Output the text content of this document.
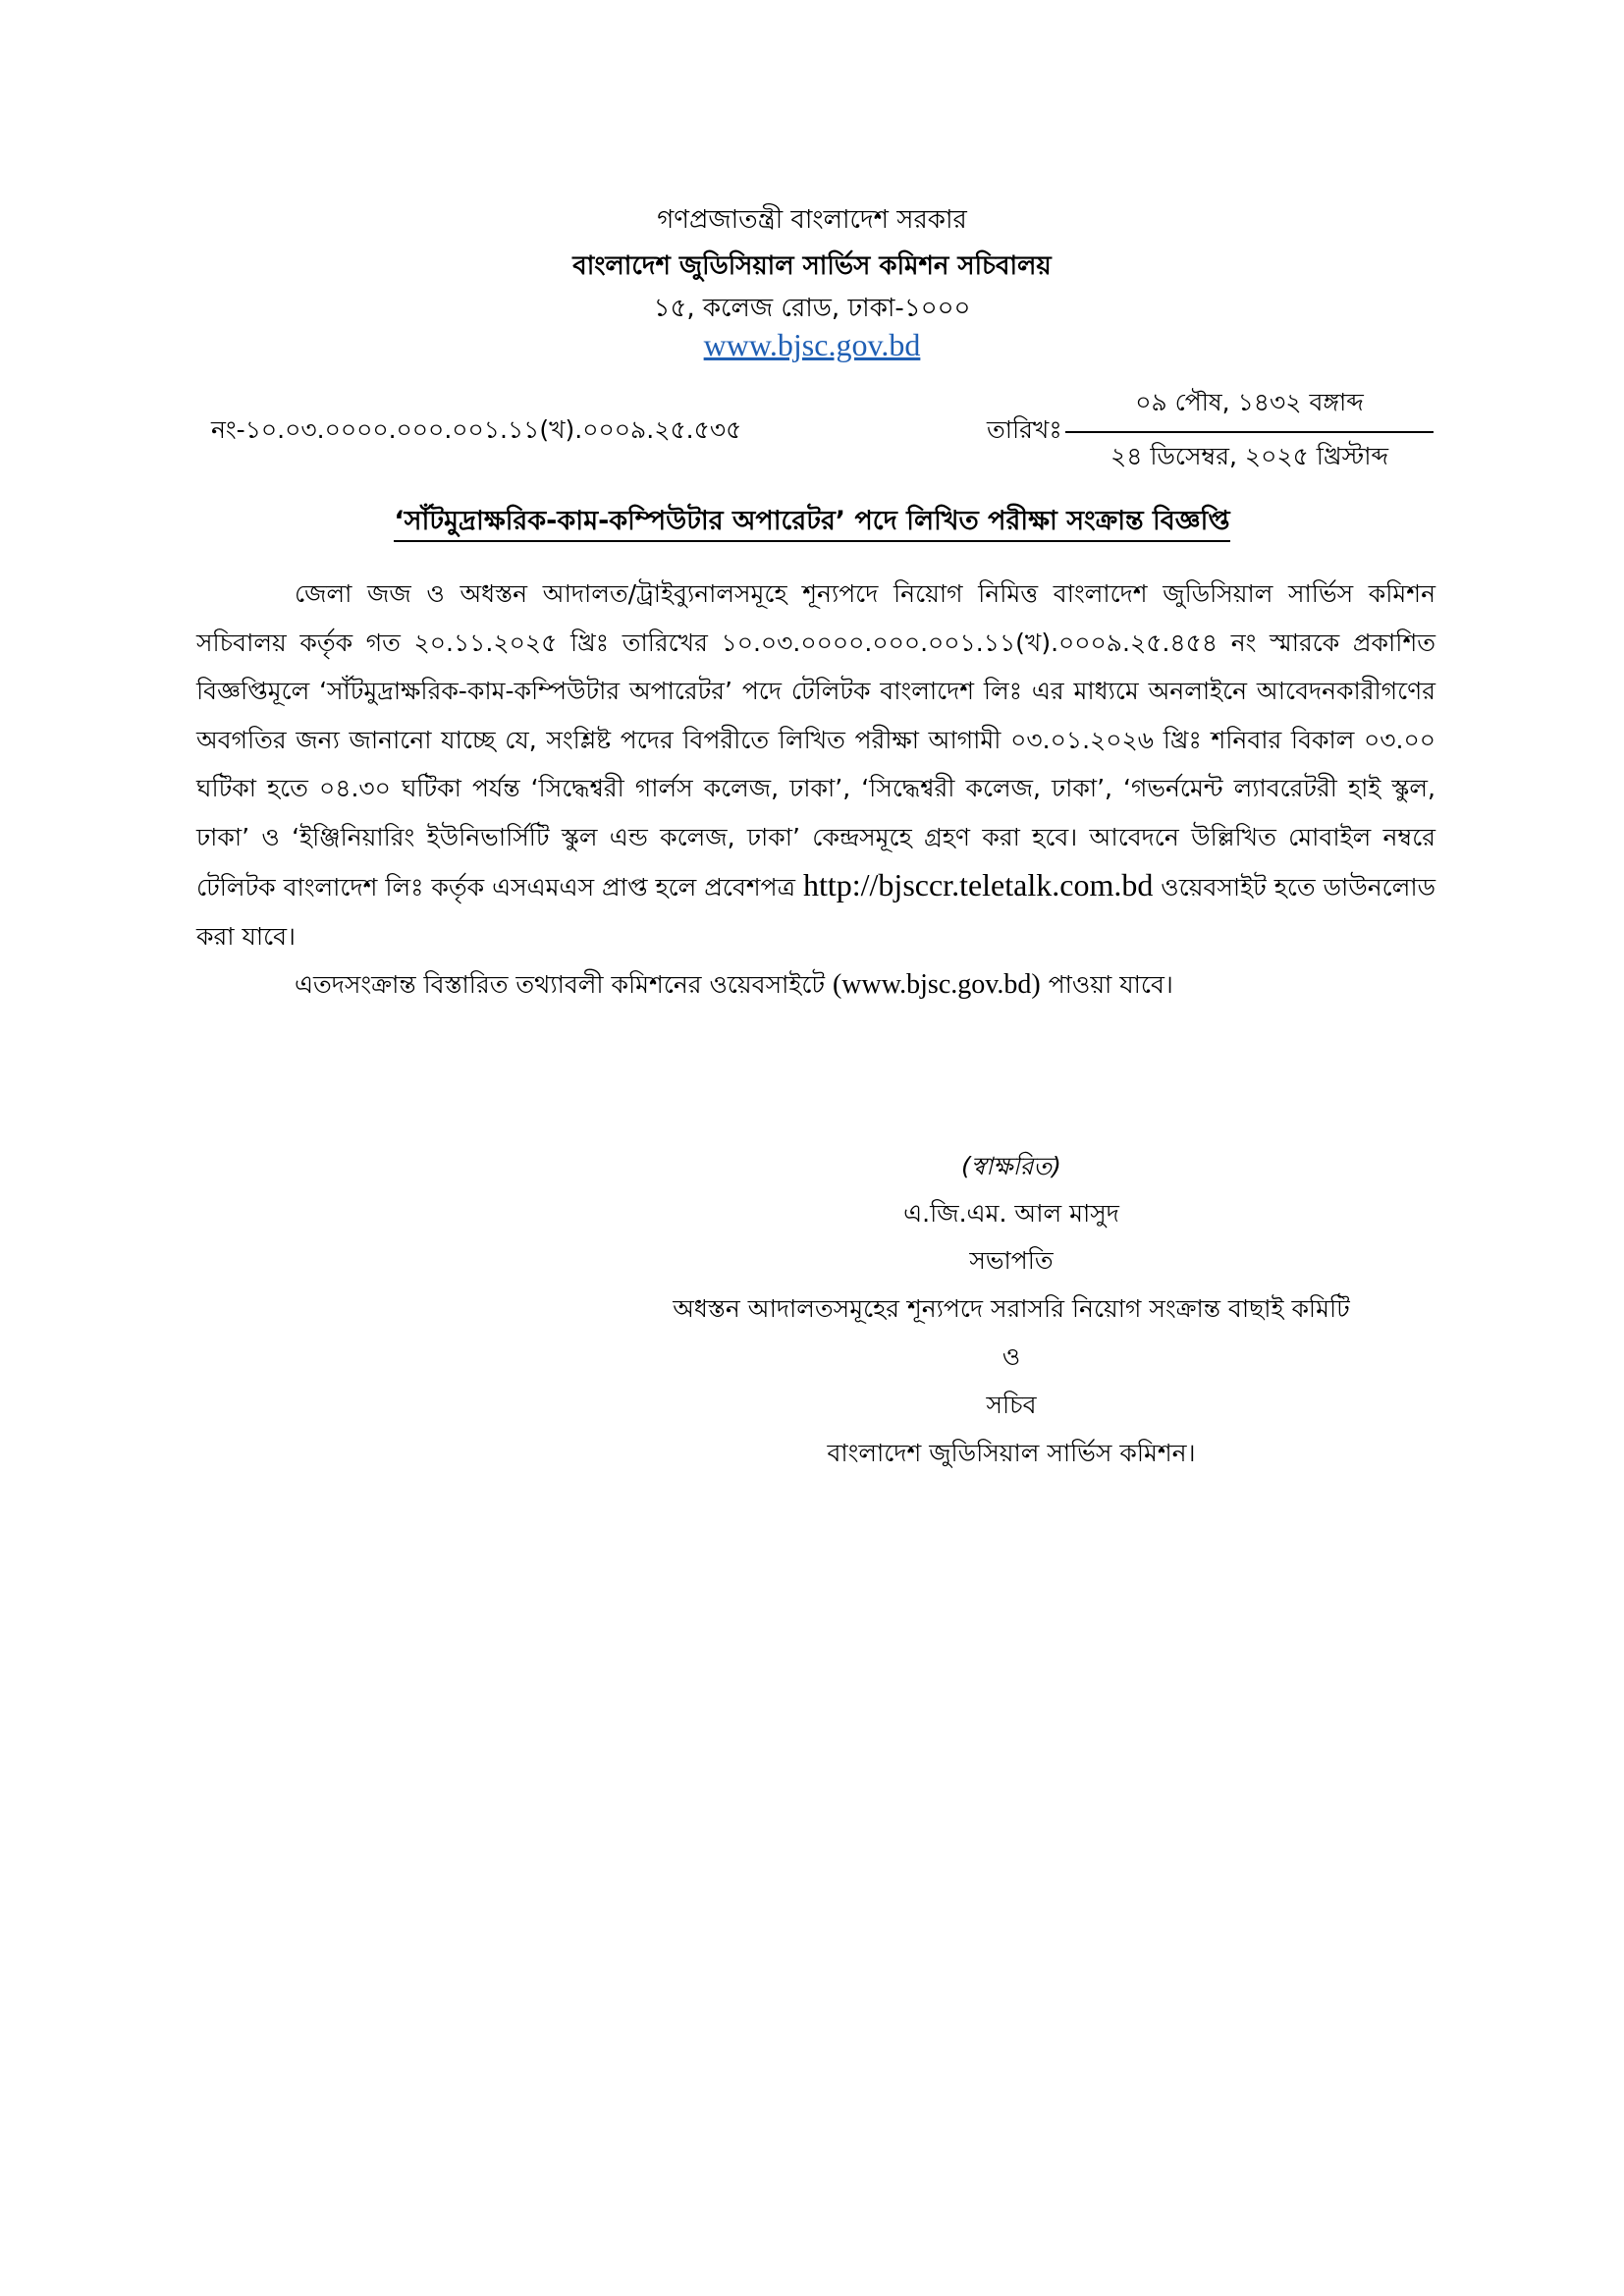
গণপ্রজাতন্ত্রী বাংলাদেশ সরকার
বাংলাদেশ জুডিসিয়াল সার্ভিস কমিশন সচিবালয়
১৫, কলেজ রোড, ঢাকা-১০০০
www.bjsc.gov.bd
নং-১০.০৩.০০০০.০০০.০০১.১১(খ).০০০৯.২৫.৫৩৫	তারিখঃ
০৯ পৌষ, ১৪৩২ বঙ্গাব্দ
২৪ ডিসেম্বর, ২০২৫ খ্রিস্টাব্দ
‘সাঁটমুদ্রাক্ষরিক-কাম-কম্পিউটার অপারেটর’ পদে লিখিত পরীক্ষা সংক্রান্ত বিজ্ঞপ্তি

জেলা জজ ও অধস্তন আদালত/ট্রাইব্যুনালসমূহে শূন্যপদে নিয়োগ নিমিত্ত বাংলাদেশ জুডিসিয়াল সার্ভিস কমিশন সচিবালয় কর্তৃক গত ২০.১১.২০২৫ খ্রিঃ তারিখের ১০.০৩.০০০০.০০০.০০১.১১(খ).০০০৯.২৫.৪৫৪ নং স্মারকে প্রকাশিত বিজ্ঞপ্তিমূলে ‘সাঁটমুদ্রাক্ষরিক-কাম-কম্পিউটার অপারেটর’ পদে টেলিটক বাংলাদেশ লিঃ এর মাধ্যমে অনলাইনে আবেদনকারীগণের অবগতির জন্য জানানো যাচ্ছে যে, সংশ্লিষ্ট পদের বিপরীতে লিখিত পরীক্ষা আগামী ০৩.০১.২০২৬ খ্রিঃ শনিবার বিকাল ০৩.০০ ঘটিকা হতে ০৪.৩০ ঘটিকা পর্যন্ত ‘সিদ্ধেশ্বরী গার্লস কলেজ, ঢাকা’, ‘সিদ্ধেশ্বরী কলেজ, ঢাকা’, ‘গভর্নমেন্ট ল্যাবরেটরী হাই স্কুল, ঢাকা’ ও ‘ইঞ্জিনিয়ারিং ইউনিভার্সিটি স্কুল এন্ড কলেজ, ঢাকা’ কেন্দ্রসমূহে গ্রহণ করা হবে। আবেদনে উল্লিখিত মোবাইল নম্বরে টেলিটক বাংলাদেশ লিঃ কর্তৃক এসএমএস প্রাপ্ত হলে প্রবেশপত্র http://bjsccr.teletalk.com.bd ওয়েবসাইট হতে ডাউনলোড করা যাবে।

এতদসংক্রান্ত বিস্তারিত তথ্যাবলী কমিশনের ওয়েবসাইটে (www.bjsc.gov.bd) পাওয়া যাবে।

(স্বাক্ষরিত)
এ.জি.এম. আল মাসুদ
সভাপতি
অধস্তন আদালতসমূহের শূন্যপদে সরাসরি নিয়োগ সংক্রান্ত বাছাই কমিটি
ও
সচিব
বাংলাদেশ জুডিসিয়াল সার্ভিস কমিশন।
